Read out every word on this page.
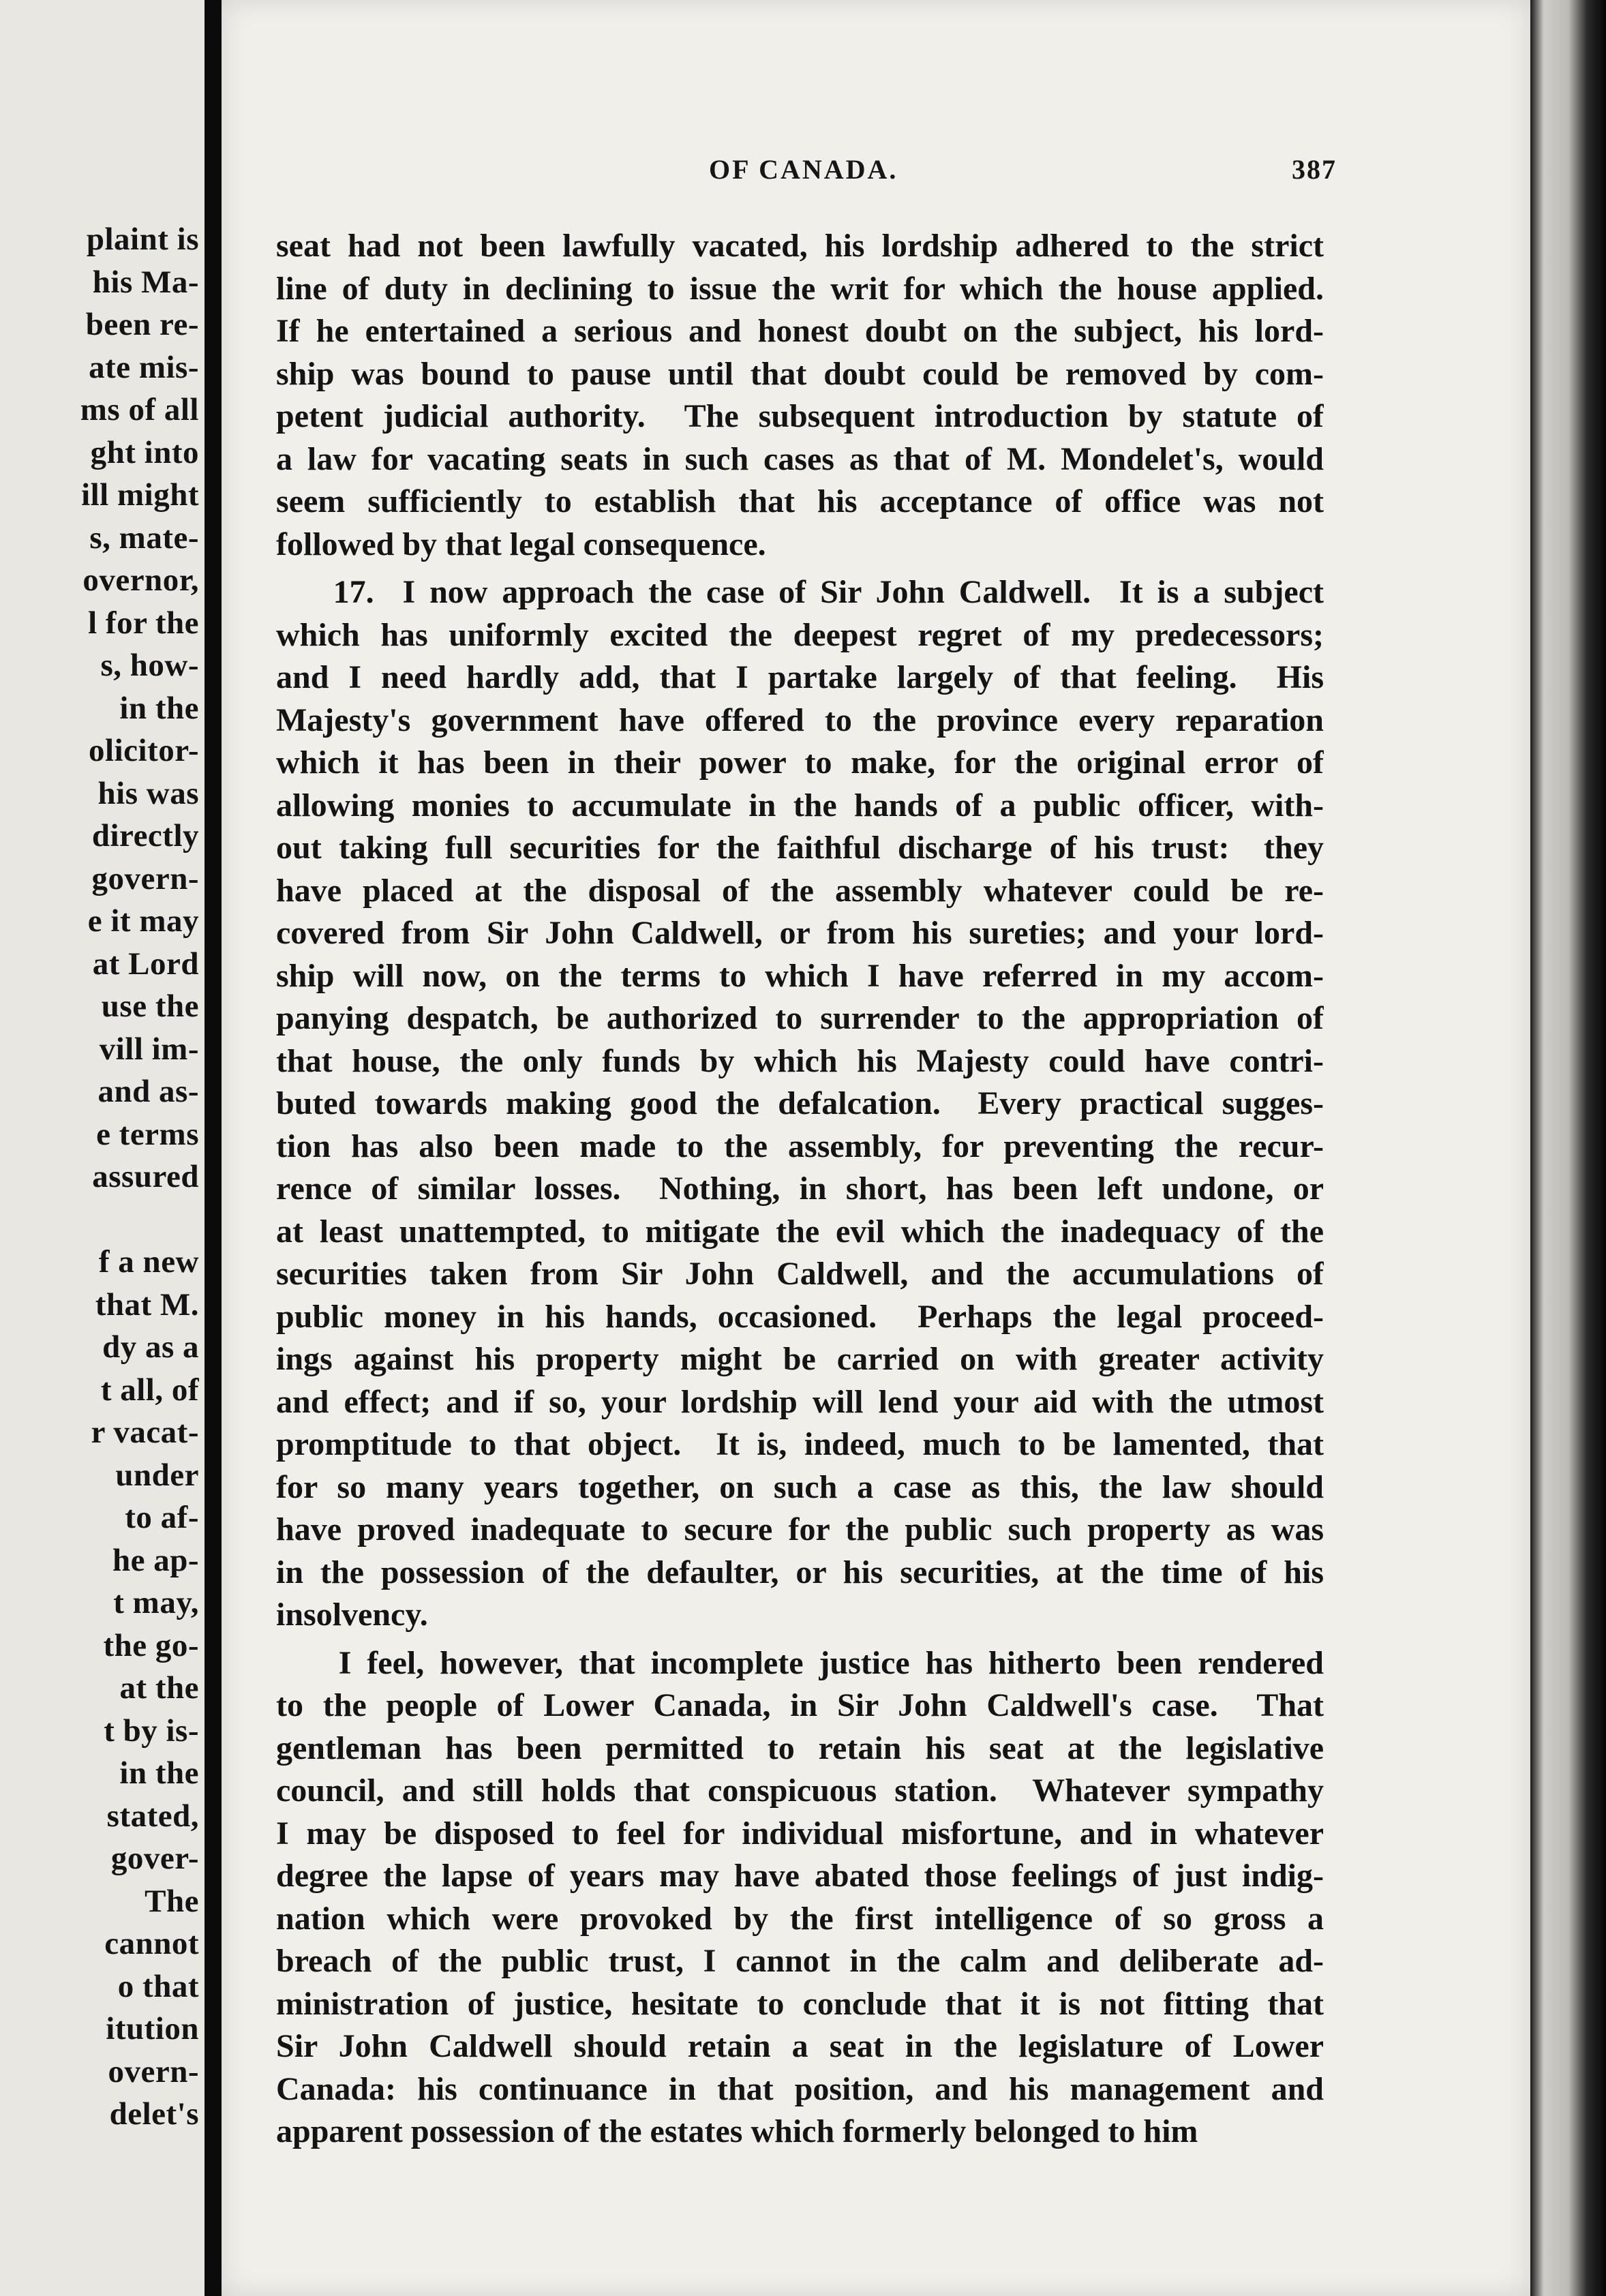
plaint is
his Ma-
been re-
ate mis-
ms of all
ght into
ill might
s, mate-
overnor,
l for the
s, how-
in the
olicitor-
his was
directly
govern-
e it may
at Lord
use the
vill im-
and as-
e terms
assured
f a new
that M.
dy as a
t all, of
r vacat-
under
to af-
he ap-
t may,
the go-
at the
t by is-
in the
stated,
gover-
The
cannot
o that
itution
overn-
delet's
OF CANADA.	387
seat had not been lawfully vacated, his lordship adhered to the strict
line of duty in declining to issue the writ for which the house applied.
If he entertained a serious and honest doubt on the subject, his lord-
ship was bound to pause until that doubt could be removed by com-
petent judicial authority.  The subsequent introduction by statute of
a law for vacating seats in such cases as that of M. Mondelet's, would
seem sufficiently to establish that his acceptance of office was not
followed by that legal consequence.
17.  I now approach the case of Sir John Caldwell.  It is a subject
which has uniformly excited the deepest regret of my predecessors;
and I need hardly add, that I partake largely of that feeling.  His
Majesty's government have offered to the province every reparation
which it has been in their power to make, for the original error of
allowing monies to accumulate in the hands of a public officer, with-
out taking full securities for the faithful discharge of his trust:  they
have placed at the disposal of the assembly whatever could be re-
covered from Sir John Caldwell, or from his sureties; and your lord-
ship will now, on the terms to which I have referred in my accom-
panying despatch, be authorized to surrender to the appropriation of
that house, the only funds by which his Majesty could have contri-
buted towards making good the defalcation.  Every practical sugges-
tion has also been made to the assembly, for preventing the recur-
rence of similar losses.  Nothing, in short, has been left undone, or
at least unattempted, to mitigate the evil which the inadequacy of the
securities taken from Sir John Caldwell, and the accumulations of
public money in his hands, occasioned.  Perhaps the legal proceed-
ings against his property might be carried on with greater activity
and effect; and if so, your lordship will lend your aid with the utmost
promptitude to that object.  It is, indeed, much to be lamented, that
for so many years together, on such a case as this, the law should
have proved inadequate to secure for the public such property as was
in the possession of the defaulter, or his securities, at the time of his
insolvency.
I feel, however, that incomplete justice has hitherto been rendered
to the people of Lower Canada, in Sir John Caldwell's case.  That
gentleman has been permitted to retain his seat at the legislative
council, and still holds that conspicuous station.  Whatever sympathy
I may be disposed to feel for individual misfortune, and in whatever
degree the lapse of years may have abated those feelings of just indig-
nation which were provoked by the first intelligence of so gross a
breach of the public trust, I cannot in the calm and deliberate ad-
ministration of justice, hesitate to conclude that it is not fitting that
Sir John Caldwell should retain a seat in the legislature of Lower
Canada: his continuance in that position, and his management and
apparent possession of the estates which formerly belonged to him
